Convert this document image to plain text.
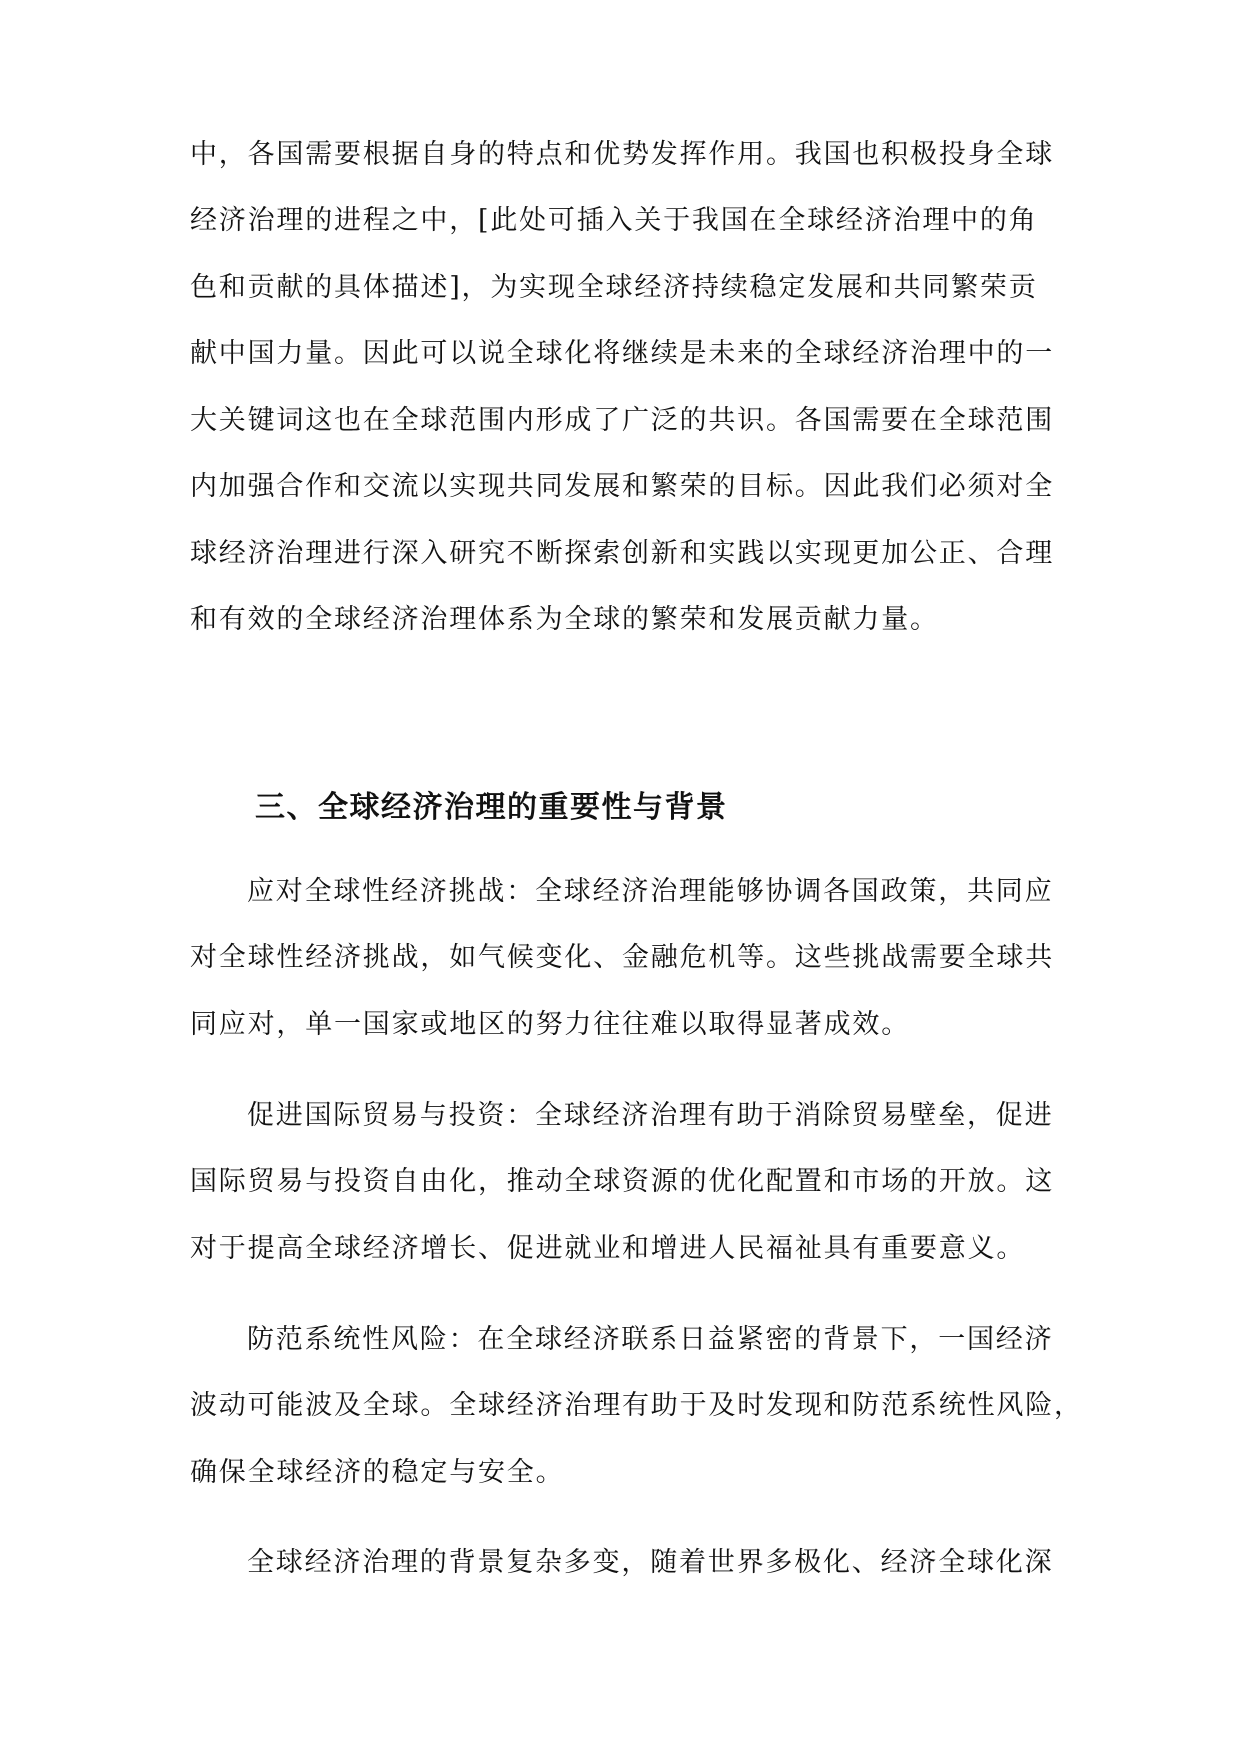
中，各国需要根据自身的特点和优势发挥作用。我国也积极投身全球
经济治理的进程之中，[此处可插入关于我国在全球经济治理中的角
色和贡献的具体描述]，为实现全球经济持续稳定发展和共同繁荣贡
献中国力量。因此可以说全球化将继续是未来的全球经济治理中的一
大关键词这也在全球范围内形成了广泛的共识。各国需要在全球范围
内加强合作和交流以实现共同发展和繁荣的目标。因此我们必须对全
球经济治理进行深入研究不断探索创新和实践以实现更加公正、合理
和有效的全球经济治理体系为全球的繁荣和发展贡献力量。
三、全球经济治理的重要性与背景
应对全球性经济挑战：全球经济治理能够协调各国政策，共同应
对全球性经济挑战，如气候变化、金融危机等。这些挑战需要全球共
同应对，单一国家或地区的努力往往难以取得显著成效。
促进国际贸易与投资：全球经济治理有助于消除贸易壁垒，促进
国际贸易与投资自由化，推动全球资源的优化配置和市场的开放。这
对于提高全球经济增长、促进就业和增进人民福祉具有重要意义。
防范系统性风险：在全球经济联系日益紧密的背景下，一国经济
波动可能波及全球。全球经济治理有助于及时发现和防范系统性风险，
确保全球经济的稳定与安全。
全球经济治理的背景复杂多变，随着世界多极化、经济全球化深
